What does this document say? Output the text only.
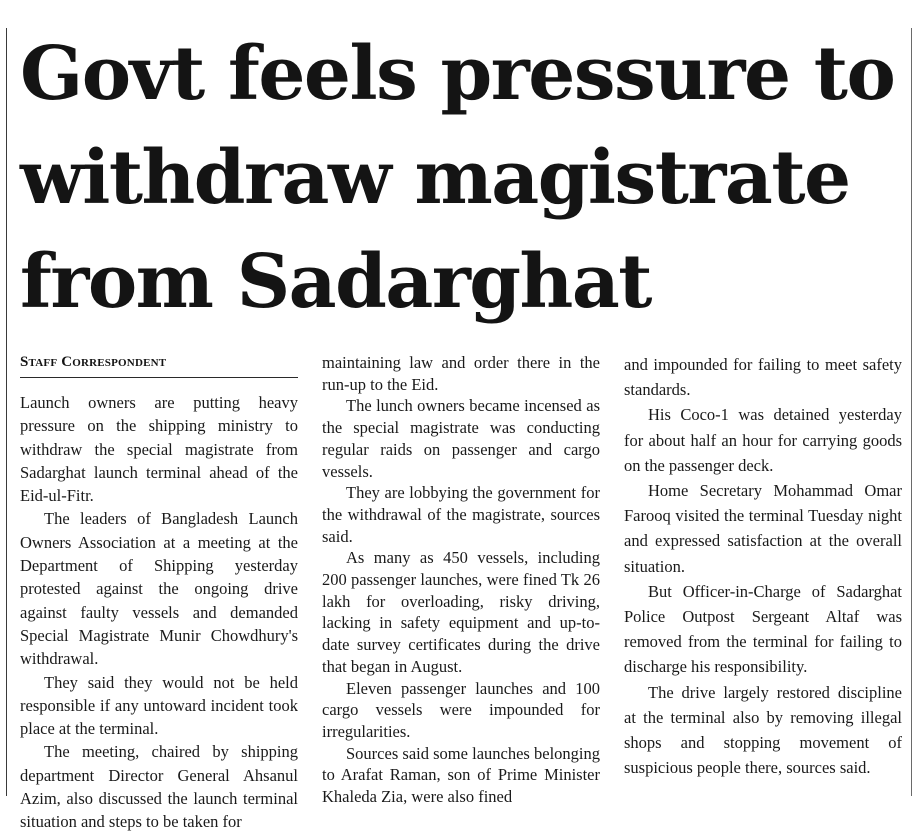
Govt feels pressure to
withdraw magistrate
from Sadarghat
Staff Correspondent

Launch owners are putting heavy pressure on the shipping ministry to withdraw the special magistrate from Sadarghat launch terminal ahead of the Eid-ul-Fitr.

The leaders of Bangladesh Launch Owners Association at a meeting at the Department of Shipping yesterday protested against the ongoing drive against faulty vessels and demanded Special Magistrate Munir Chowdhury's withdrawal.

They said they would not be held responsible if any untoward incident took place at the terminal.

The meeting, chaired by shipping department Director General Ahsanul Azim, also discussed the launch terminal situation and steps to be taken for

maintaining law and order there in the run-up to the Eid.

The lunch owners became incensed as the special magistrate was conducting regular raids on passenger and cargo vessels.

They are lobbying the government for the withdrawal of the magistrate, sources said.

As many as 450 vessels, including 200 passenger launches, were fined Tk 26 lakh for overloading, risky driving, lacking in safety equipment and up-to-date survey certificates during the drive that began in August.

Eleven passenger launches and 100 cargo vessels were impounded for irregularities.

Sources said some launches belonging to Arafat Raman, son of Prime Minister Khaleda Zia, were also fined

and impounded for failing to meet safety standards.

His Coco-1 was detained yesterday for about half an hour for carrying goods on the passenger deck.

Home Secretary Mohammad Omar Farooq visited the terminal Tuesday night and expressed satisfaction at the overall situation.

But Officer-in-Charge of Sadarghat Police Outpost Sergeant Altaf was removed from the terminal for failing to discharge his responsibility.

The drive largely restored discipline at the terminal also by removing illegal shops and stopping movement of suspicious people there, sources said.
